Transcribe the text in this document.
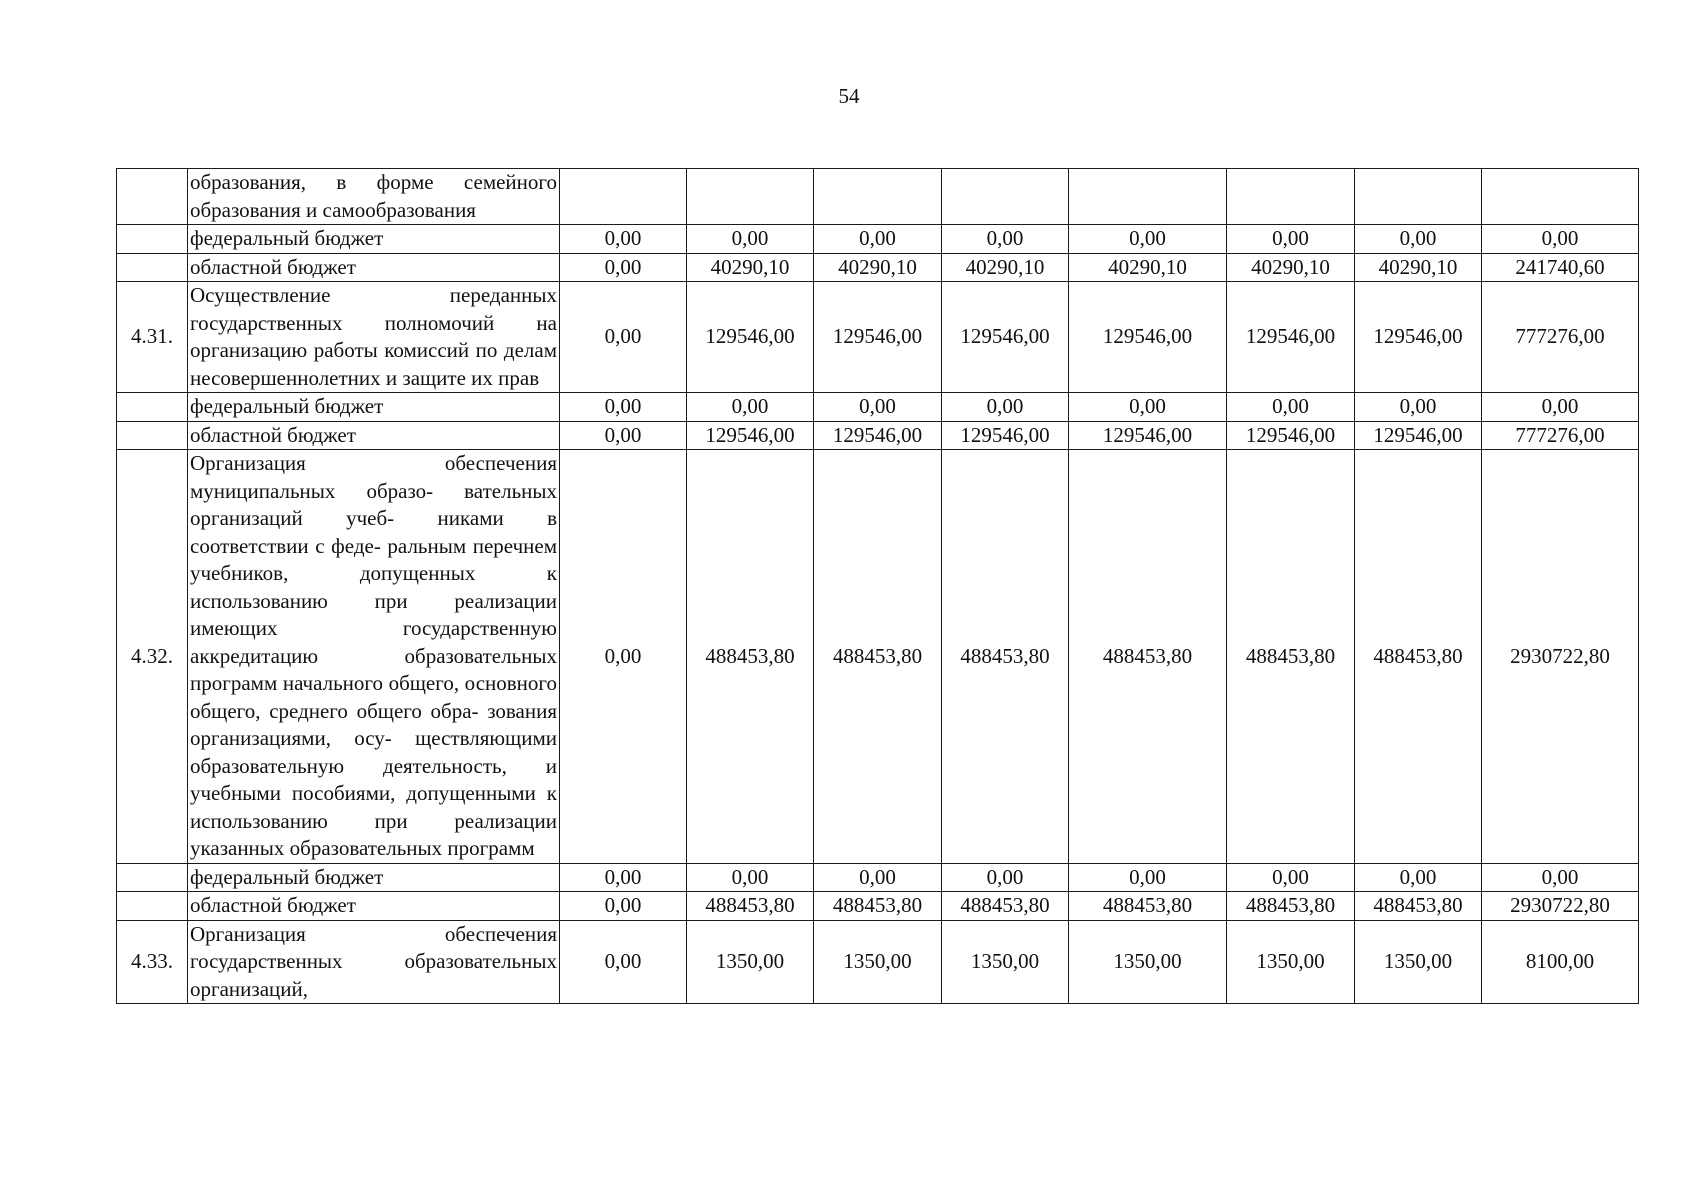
54
	образования, в форме семейного образования и самообразования								
	федеральный бюджет	0,00	0,00	0,00	0,00	0,00	0,00	0,00	0,00
	областной бюджет	0,00	40290,10	40290,10	40290,10	40290,10	40290,10	40290,10	241740,60
4.31.	Осуществление переданных государственных полномочий на организацию работы комиссий по делам несовершеннолетних и защите их прав	0,00	129546,00	129546,00	129546,00	129546,00	129546,00	129546,00	777276,00
	федеральный бюджет	0,00	0,00	0,00	0,00	0,00	0,00	0,00	0,00
	областной бюджет	0,00	129546,00	129546,00	129546,00	129546,00	129546,00	129546,00	777276,00
4.32.	Организация обеспечения муниципальных образо- вательных организаций учеб- никами в соответствии с феде- ральным перечнем учебников, допущенных к использованию при реализации имеющих государственную аккредитацию образовательных программ начального общего, основного общего, среднего общего обра- зования организациями, осу- ществляющими образовательную деятельность, и учебными пособиями, допущенными к использованию при реализации указанных образовательных программ	0,00	488453,80	488453,80	488453,80	488453,80	488453,80	488453,80	2930722,80
	федеральный бюджет	0,00	0,00	0,00	0,00	0,00	0,00	0,00	0,00
	областной бюджет	0,00	488453,80	488453,80	488453,80	488453,80	488453,80	488453,80	2930722,80
4.33.	Организация обеспечения государственных образовательных организаций,	0,00	1350,00	1350,00	1350,00	1350,00	1350,00	1350,00	8100,00
